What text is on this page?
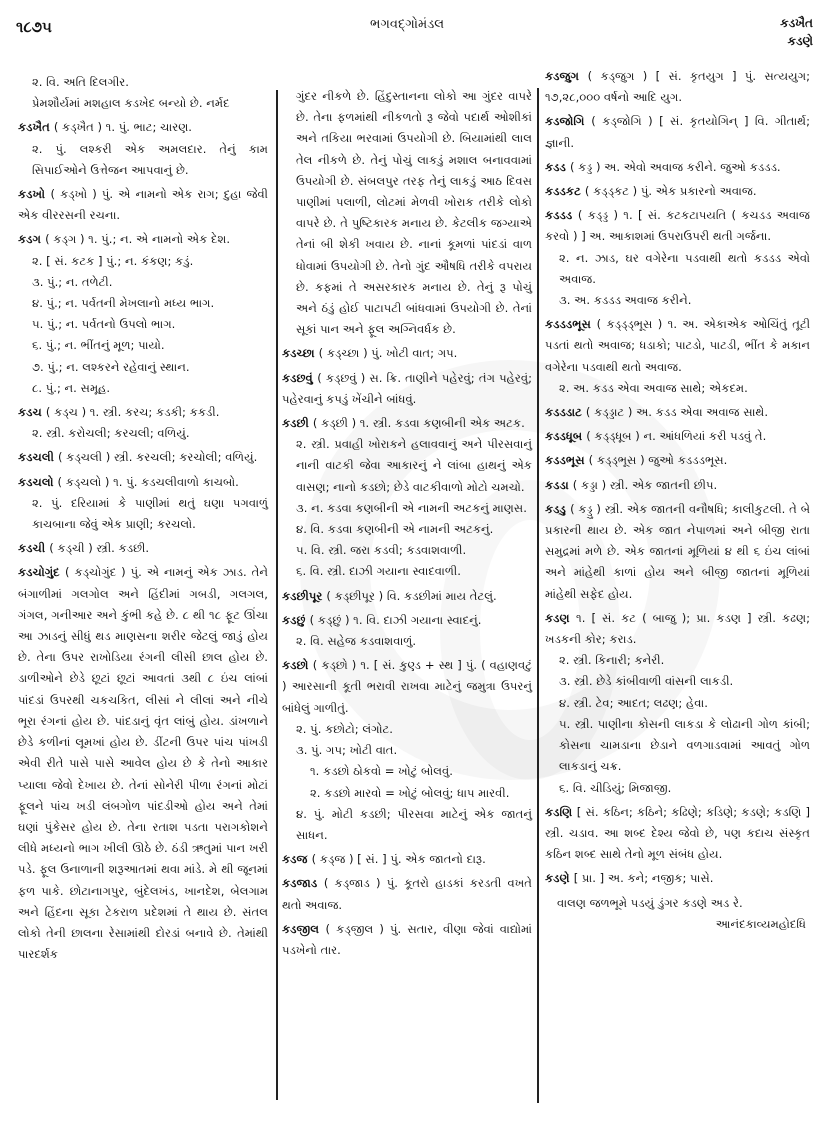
૧૮૭૫	ભગવદ્ગોમંડલ	કડખૈત
કડણે
૨. વિ. અતિ દિલગીર.
પ્રેમશૌર્યમાં મશહાલ કડખેદ બન્યો છે. નર્મદ
કડખૈત ( કડ્ખૈત ) ૧. પું. ભાટ; ચારણ.
૨. પું. લશ્કરી એક અમલદાર. તેનું કામ સિપાઈઓને ઉત્તેજન આપવાનું છે.
કડખો ( કડ્ખો ) પું. એ નામનો એક રાગ; દુહા જેવી એક વીરરસની રચના.
કડગ ( કડ્ગ ) ૧. પું.; ન. એ નામનો એક દેશ.
૨. [ સં. કટક ] પું.; ન. કંકણ; કડું.
૩. પું.; ન. તળેટી.
૪. પું.; ન. પર્વતની મેખલાનો મધ્ય ભાગ.
૫. પું.; ન. પર્વતનો ઉપલો ભાગ.
૬. પું.; ન. ભીંતનું મૂળ; પાયો.
૭. પું.; ન. લશ્કરને રહેવાનું સ્થાન.
૮. પું.; ન. સમૂહ.
કડચ ( કડ્ચ ) ૧. સ્ત્રી. કરચ; કડકી; કકડી.
૨. સ્ત્રી. કરોચલી; કરચલી; વળિયું.
કડચલી ( કડ્ચલી ) સ્ત્રી. કરચલી; કરચોલી; વળિયું.
કડચલો ( કડ્ચલો ) ૧. પું. કડચલીવાળો કાચબો.
૨. પું. દરિયામાં કે પાણીમાં થતું ઘણા પગવાળું કાચબાના જેવું એક પ્રાણી; કરચલો.
કડચી ( કડ્ચી ) સ્ત્રી. કડછી.
કડચોગુંદ ( કડ્ચોગુંદ ) પું. એ નામનું એક ઝાડ. તેને બંગાળીમાં ગલગોલ અને હિંદીમાં ગબડી, ગલગલ, ગંગલ, ગનીઆર અને કુંભી કહે છે. ૮ થી ૧૮ ફૂટ ઊંચા આ ઝાડનું સીધું થડ માણસના શરીર જેટલું જાડું હોય છે. તેના ઉપર રાખોડિયા રંગની લીસી છાલ હોય છે. ડાળીઓને છેડે છૂટાં છૂટાં આવતાં ૩થી ૮ ઇંચ લાંબાં પાંદડાં ઉપરથી ચકચકિત, લીસાં ને લીલાં અને નીચે ભૂરા રંગનાં હોય છે. પાંદડાનું વૃંત લાંબું હોય. ડાંખળાને છેડે કળીનાં લૂમખાં હોય છે. ડીંટની ઉપર પાંચ પાંખડી એવી રીતે પાસે પાસે આવેલ હોય છે કે તેનો આકાર પ્યાલા જેવો દેખાય છે. તેનાં સોનેરી પીળા રંગનાં મોટાં ફૂલને પાંચ ખડી લંબગોળ પાંદડીઓ હોય અને તેમાં ઘણાં પુંકેસર હોય છે. તેના રતાશ પડતા પરાગકોશને લીધે મધ્યનો ભાગ ખીલી ઊઠે છે. ઠંડી ઋતુમાં પાન ખરી પડે. ફૂલ ઉનાળાની શરૂઆતમાં થવા માંડે. મે થી જૂનમાં ફળ પાકે. છોટાનાગપુર, બુંદેલખંડ, ખાનદેશ, બેલગામ અને હિંદના સૂકા ટેકરાળ પ્રદેશમાં તે થાય છે. સંતલ લોકો તેની છાલના રેસામાંથી દોરડાં બનાવે છે. તેમાંથી પારદર્શક
ગુંદર નીકળે છે. હિંદુસ્તાનના લોકો આ ગુંદર વાપરે છે. તેના ફળમાંથી નીકળતો રૂ જેવો પદાર્થ ઓશીકાં અને તકિયા ભરવામાં ઉપયોગી છે. બિયામાંથી લાલ તેલ નીકળે છે. તેનું પોચું લાકડું મશાલ બનાવવામાં ઉપયોગી છે. સંબલપુર તરફ તેનું લાકડું આઠ દિવસ પાણીમાં પલાળી, લોટમાં મેળવી ખોરાક તરીકે લોકો વાપરે છે. તે પુષ્ટિકારક મનાય છે. કેટલીક જગ્યાએ તેનાં બી શેકી ખવાય છે. નાનાં કૂમળાં પાંદડાં વાળ ધોવામાં ઉપયોગી છે. તેનો ગુંદ ઔષધિ તરીકે વપરાય છે. કફમાં તે અસરકારક મનાય છે. તેનું રૂ પોચું અને ઠંડું હોઈ પાટાપટી બાંધવામાં ઉપયોગી છે. તેનાં સૂકાં પાન અને ફૂલ અગ્નિવર્ધક છે.
કડચ્છા ( કડ્ચ્છા ) પું. ખોટી વાત; ગપ.
કડછવું ( કડ્છવું ) સ. ક્રિ. તાણીને પહેરવું; તંગ પહેરવું; પહેરવાનું કપડું ખેંચીને બાંધવું.
કડછી ( કડ્છી ) ૧. સ્ત્રી. કડવા કણબીની એક અટક.
૨. સ્ત્રી. પ્રવાહી ખોરાકને હલાવવાનું અને પીરસવાનું નાની વાટકી જેવા આકારનું ને લાંબા હાથનું એક વાસણ; નાનો કડછો; છેડે વાટકીવાળો મોટો ચમચો.
૩. ન. કડવા કણબીની એ નામની અટકનું માણસ.
૪. વિ. કડવા કણબીની એ નામની અટકનું.
૫. વિ. સ્ત્રી. જરા કડવી; કડવાશવાળી.
૬. વિ. સ્ત્રી. દાઝી ગયાના સ્વાદવાળી.
કડછીપૂર ( કડ્છીપૂર ) વિ. કડછીમાં માય તેટલું.
કડછું ( કડ્છું ) ૧. વિ. દાઝી ગયાના સ્વાદનું.
૨. વિ. સહેજ કડવાશવાળું.
કડછો ( કડ્છો ) ૧. [ સં. કુણ્ડ + સ્થ ] પું. ( વહાણવટું ) આરસાની કૂતી ભરાવી રાખવા માટેનું જમુત્રા ઉપરનું બાંધેલું ગાળીતું.
૨. પું. કછોટો; લંગોટ.
૩. પું. ગપ; ખોટી વાત.
૧. કડછો ઠોકવો = ખોટું બોલવું.
૨. કડછો મારવો = ખોટું બોલવું; ધાપ મારવી.
૪. પું. મોટી કડછી; પીરસવા માટેનું એક જાતનું સાધન.
કડજ ( કડ્જ ) [ સં. ] પું. એક જાતનો દારૂ.
કડજાડ ( કડ્જાડ ) પું. કૂતરો હાડકાં કરડતી વખતે થતો અવાજ.
કડજીલ ( કડ્જીલ ) પું. સતાર, વીણા જેવાં વાદ્યોમાં પડખેનો તાર.
કડજુગ ( કડ્જુગ ) [ સં. કૃતયુગ ] પું. સત્યયુગ; ૧૭,૨૮,૦૦૦ વર્ષનો આદિ યુગ.
કડજોગિ ( કડ્જોગિ ) [ સં. કૃતયોગિન્ ] વિ. ગીતાર્થ; જ્ઞાની.
કડડ ( કડ્ડ ) અ. એવો અવાજ કરીને. જુઓ કડડડ.
કડડકટ ( કડ્ડ્કટ ) પું. એક પ્રકારનો અવાજ.
કડડડ ( કડ્ડ્ડ ) ૧. [ સં. કટકટાપયતિ ( કચડડ અવાજ કરવો ) ] અ. આકાશમાં ઉપરાઉપરી થતી ગર્જના.
૨. ન. ઝાડ, ઘર વગેરેના પડવાથી થતો કડડડ એવો અવાજ.
૩. અ. કડડડ અવાજ કરીને.
કડડડભૂસ ( કડ્ડ્ડ્ભૂસ ) ૧. અ. એકાએક ઓચિંતું તૂટી પડતાં થતો અવાજ; ધડાકો; પાટડો, પાટડી, ભીંત કે મકાન વગેરેના પડવાથી થતો અવાજ.
૨. અ. કડડ એવા અવાજ સાથે; એકદમ.
કડડડાટ ( કડ્ડ્ડાટ ) અ. કડડ એવા અવાજ સાથે.
કડડધૂબ ( કડ્ડ્ધૂબ ) ન. આંધળિયાં કરી પડવું તે.
કડડભૂસ ( કડ્ડ્ભૂસ ) જુઓ કડડડભૂસ.
કડડા ( કડ્ડા ) સ્ત્રી. એક જાતની છીપ.
કડડુ ( કડ્ડુ ) સ્ત્રી. એક જાતની વનૌષધિ; કાલીકુટલી. તે બે પ્રકારની થાય છે. એક જાત નેપાળમાં અને બીજી રાતા સમુદ્રમાં મળે છે. એક જાતનાં મૂળિયાં ૪ થી ૬ ઇંચ લાંબાં અને માંહેથી કાળાં હોય અને બીજી જાતનાં મૂળિયાં માંહેથી સફેદ હોય.
કડણ ૧. [ સં. કટ ( બાજુ ); પ્રા. કડણ ] સ્ત્રી. કઢણ; ખડકની કોર; કરાડ.
૨. સ્ત્રી. કિનારી; કનેરી.
૩. સ્ત્રી. છેડે કાંબીવાળી વાંસની લાકડી.
૪. સ્ત્રી. ટેવ; આદત; લઢણ; હેવા.
૫. સ્ત્રી. પાણીના કોસની લાકડા કે લોઢાની ગોળ કાંબી; કોસના ચામડાના છેડાને વળગાડવામાં આવતું ગોળ લાકડાનું ચક્ર.
૬. વિ. ચીડિયું; મિજાજી.
કડણિ [ સં. કઠિન; કઠિને; કઢિણે; કડિણે; કડણે; કડણિ ] સ્ત્રી. ચડાવ. આ શબ્દ દેશ્ય જેવો છે, પણ કદાચ સંસ્કૃત કઠિન શબ્દ સાથે તેનો મૂળ સંબંધ હોય.
કડણે [ પ્રા. ] અ. કને; નજીક; પાસે.
વાલણ જળભૂમે પડયું ડુંગર કડણે અડ રે.
આનંદકાવ્યમહોદધિ
